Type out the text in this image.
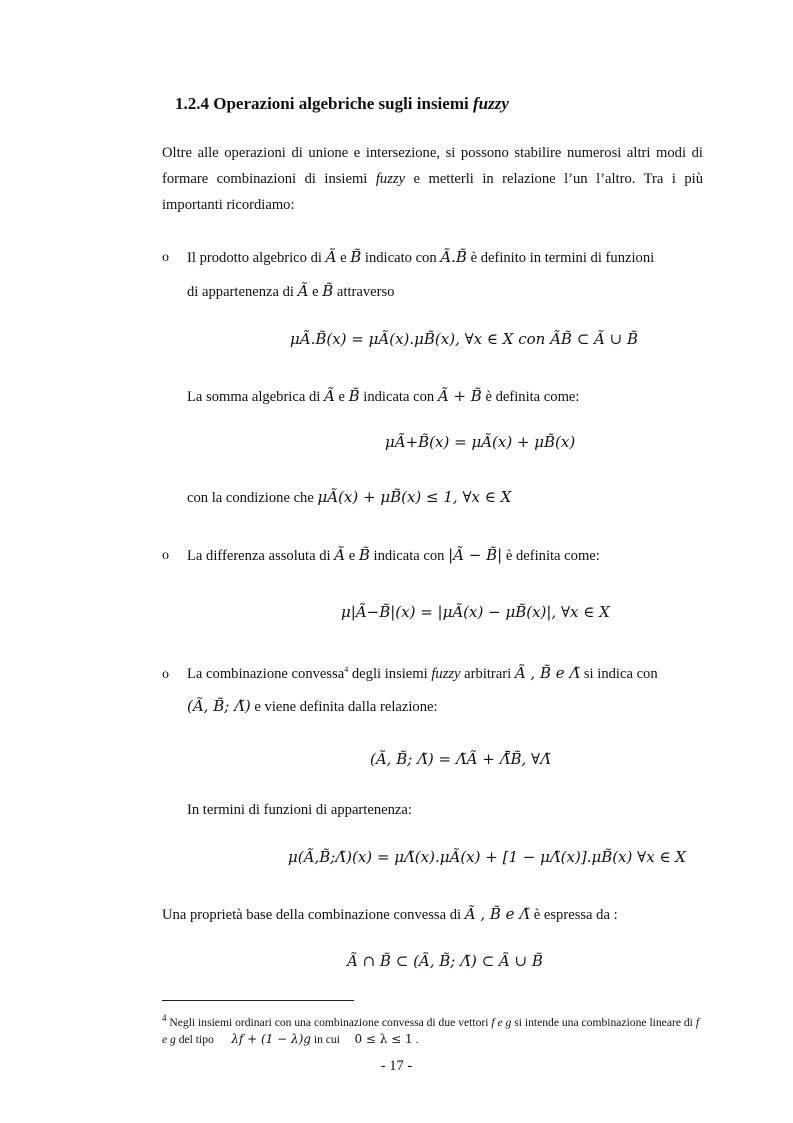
1.2.4 Operazioni algebriche sugli insiemi fuzzy
Oltre alle operazioni di unione e intersezione, si possono stabilire numerosi altri modi di formare combinazioni di insiemi fuzzy e metterli in relazione l’un l’altro. Tra i più importanti ricordiamo:
o Il prodotto algebrico di Ã e B̃ indicato con Ã.B̃ è definito in termini di funzioni
di appartenenza di Ã e B̃ attraverso
μÃ.B̃(x) = μÃ(x).μB̃(x), ∀x ∈ X con ÃB̃ ⊂ Ã ∪ B̃
La somma algebrica di Ã e B̃ indicata con Ã + B̃ è definita come:
μÃ+B̃(x) = μÃ(x) + μB̃(x)
con la condizione che μÃ(x) + μB̃(x) ≤ 1, ∀x ∈ X
o La differenza assoluta di Ã e B̃ indicata con |Ã − B̃| è definita come:
μ|Ã−B̃|(x) = |μÃ(x) − μB̃(x)|, ∀x ∈ X
o La combinazione convessa$^4$ degli insiemi fuzzy arbitrari Ã , B̃ e Λ̃ si indica con
(Ã, B̃; Λ̃) e viene definita dalla relazione:
(Ã, B̃; Λ̃) = Λ̃Ã + Λ̃̄B̃, ∀Λ̃
In termini di funzioni di appartenenza:
μ(Ã,B̃;Λ̃)(x) = μΛ̃(x).μÃ(x) + [1 − μΛ̃(x)].μB̃(x) ∀x ∈ X
Una proprietà base della combinazione convessa di Ã , B̃ e Λ̃ è espressa da :
Ã ∩ B̃ ⊂ (Ã, B̃; Λ̃) ⊂ Ã ∪ B̃
$^4$ Negli insiemi ordinari con una combinazione convessa di due vettori f e g si intende una combinazione lineare di f e g del tipo      λf + (1 − λ)g in cui     0 ≤ λ ≤ 1 .
- 17 -
